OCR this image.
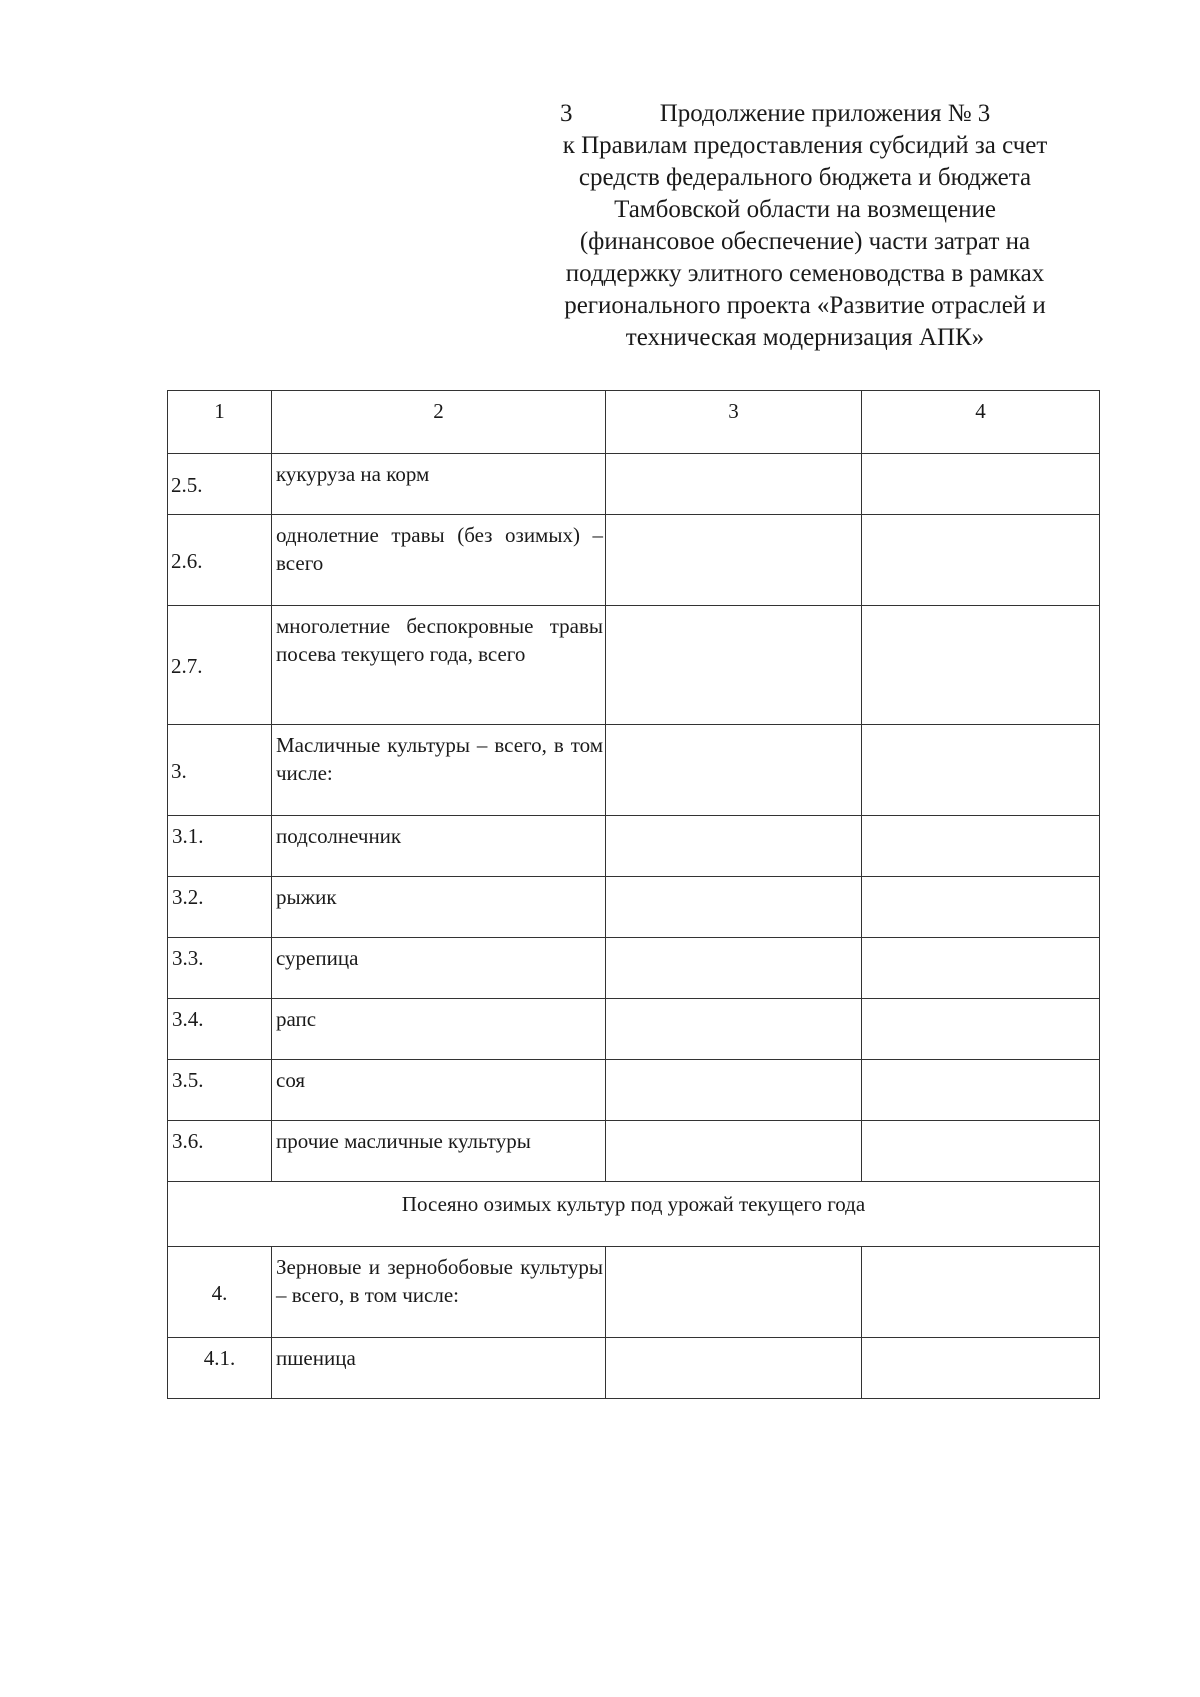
3	Продолжение приложения № 3
к Правилам предоставления субсидий за счет
средств федерального бюджета и бюджета
Тамбовской области на возмещение
(финансовое обеспечение) части затрат на
поддержку элитного семеноводства в рамках
регионального проекта «Развитие отраслей и
техническая модернизация АПК»
1	2	3	4
2.5.	кукуруза на корм		
2.6.	однолетние травы (без озимых) – всего		
2.7.	многолетние беспокровные травы посева текущего года, всего		
3.	Масличные культуры – всего, в том числе:		
3.1.	подсолнечник		
3.2.	рыжик		
3.3.	сурепица		
3.4.	рапс		
3.5.	соя		
3.6.	прочие масличные культуры		
Посеяно озимых культур под урожай текущего года			
4.	Зерновые и зернобобовые культуры – всего, в том числе:		
4.1.	пшеница		
